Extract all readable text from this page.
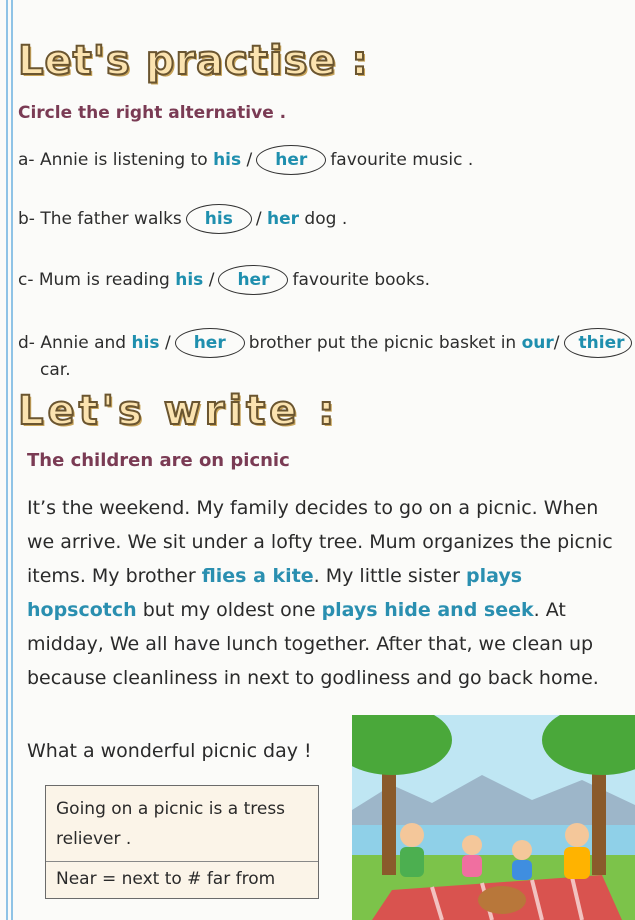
Let's practise :
Circle the right alternative .
a- Annie is listening to his / her favourite music .
b- The father walks his / her dog .
c- Mum is reading his / her favourite books.
d- Annie and his / her brother put the picnic basket in our/ thier
car.
Let's write :
The children are on picnic
It’s the weekend. My family decides to go on a picnic. When we arrive. We sit under a lofty tree. Mum organizes the picnic items. My brother flies a kite. My little sister plays hopscotch but my oldest one plays hide and seek. At midday, We all have lunch together. After that, we clean up because cleanliness in next to godliness and go back home.
What a wonderful picnic day !
Going on a picnic is a tress reliever .
Near = next to # far from
